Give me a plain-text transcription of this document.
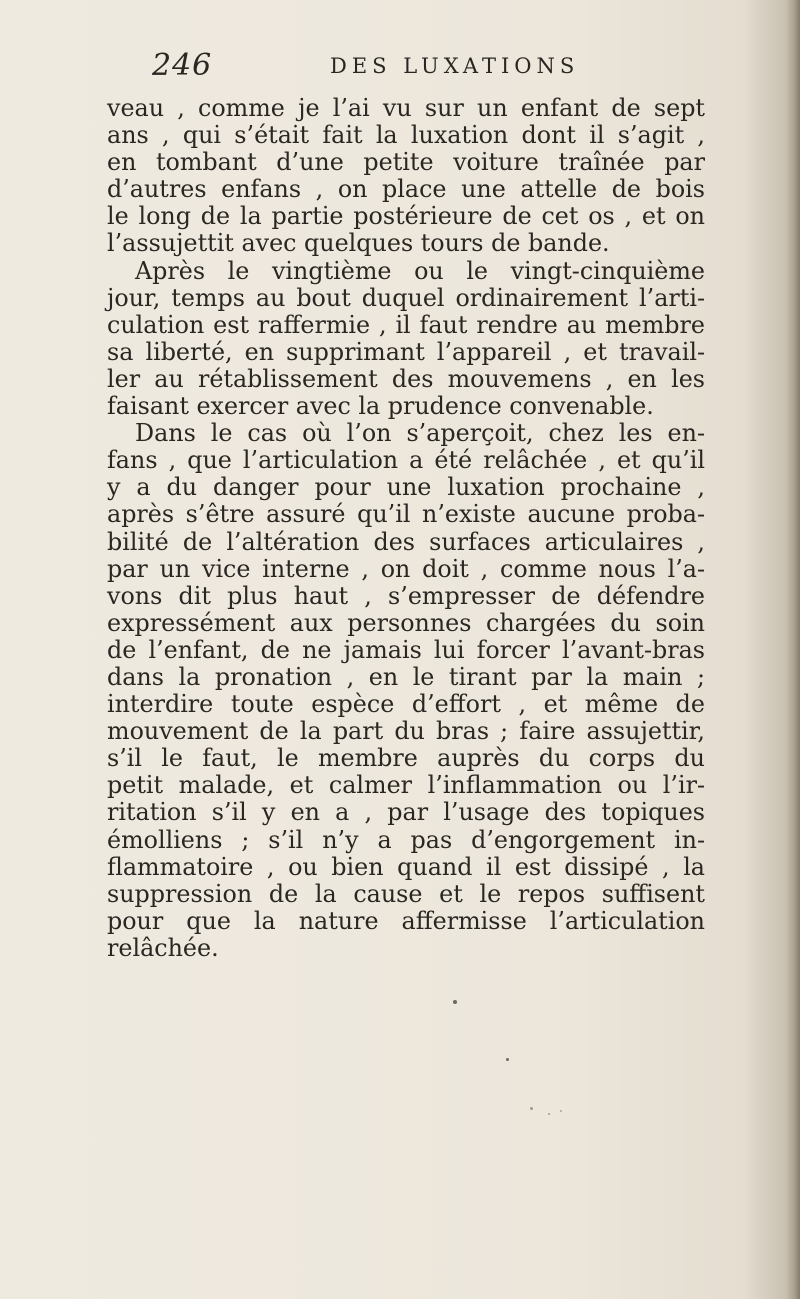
246	DES LUXATIONS
veau , comme je l’ai vu sur un enfant de sept
ans , qui s’était fait la luxation dont il s’agit ,
en tombant d’une petite voiture traînée par
d’autres enfans , on place une attelle de bois
le long de la partie postérieure de cet os , et on
l’assujettit avec quelques tours de bande.
Après le vingtième ou le vingt-cinquième
jour, temps au bout duquel ordinairement l’arti-
culation est raffermie , il faut rendre au membre
sa liberté, en supprimant l’appareil , et travail-
ler au rétablissement des mouvemens , en les
faisant exercer avec la prudence convenable.
Dans le cas où l’on s’aperçoit, chez les en-
fans , que l’articulation a été relâchée , et qu’il
y a du danger pour une luxation prochaine ,
après s’être assuré qu’il n’existe aucune proba-
bilité de l’altération des surfaces articulaires ,
par un vice interne , on doit , comme nous l’a-
vons dit plus haut , s’empresser de défendre
expressément aux personnes chargées du soin
de l’enfant, de ne jamais lui forcer l’avant-bras
dans la pronation , en le tirant par la main ;
interdire toute espèce d’effort , et même de
mouvement de la part du bras ; faire assujettir,
s’il le faut, le membre auprès du corps du
petit malade, et calmer l’inflammation ou l’ir-
ritation s’il y en a , par l’usage des topiques
émolliens ; s’il n’y a pas d’engorgement in-
flammatoire , ou bien quand il est dissipé , la
suppression de la cause et le repos suffisent
pour que la nature affermisse l’articulation
relâchée.
